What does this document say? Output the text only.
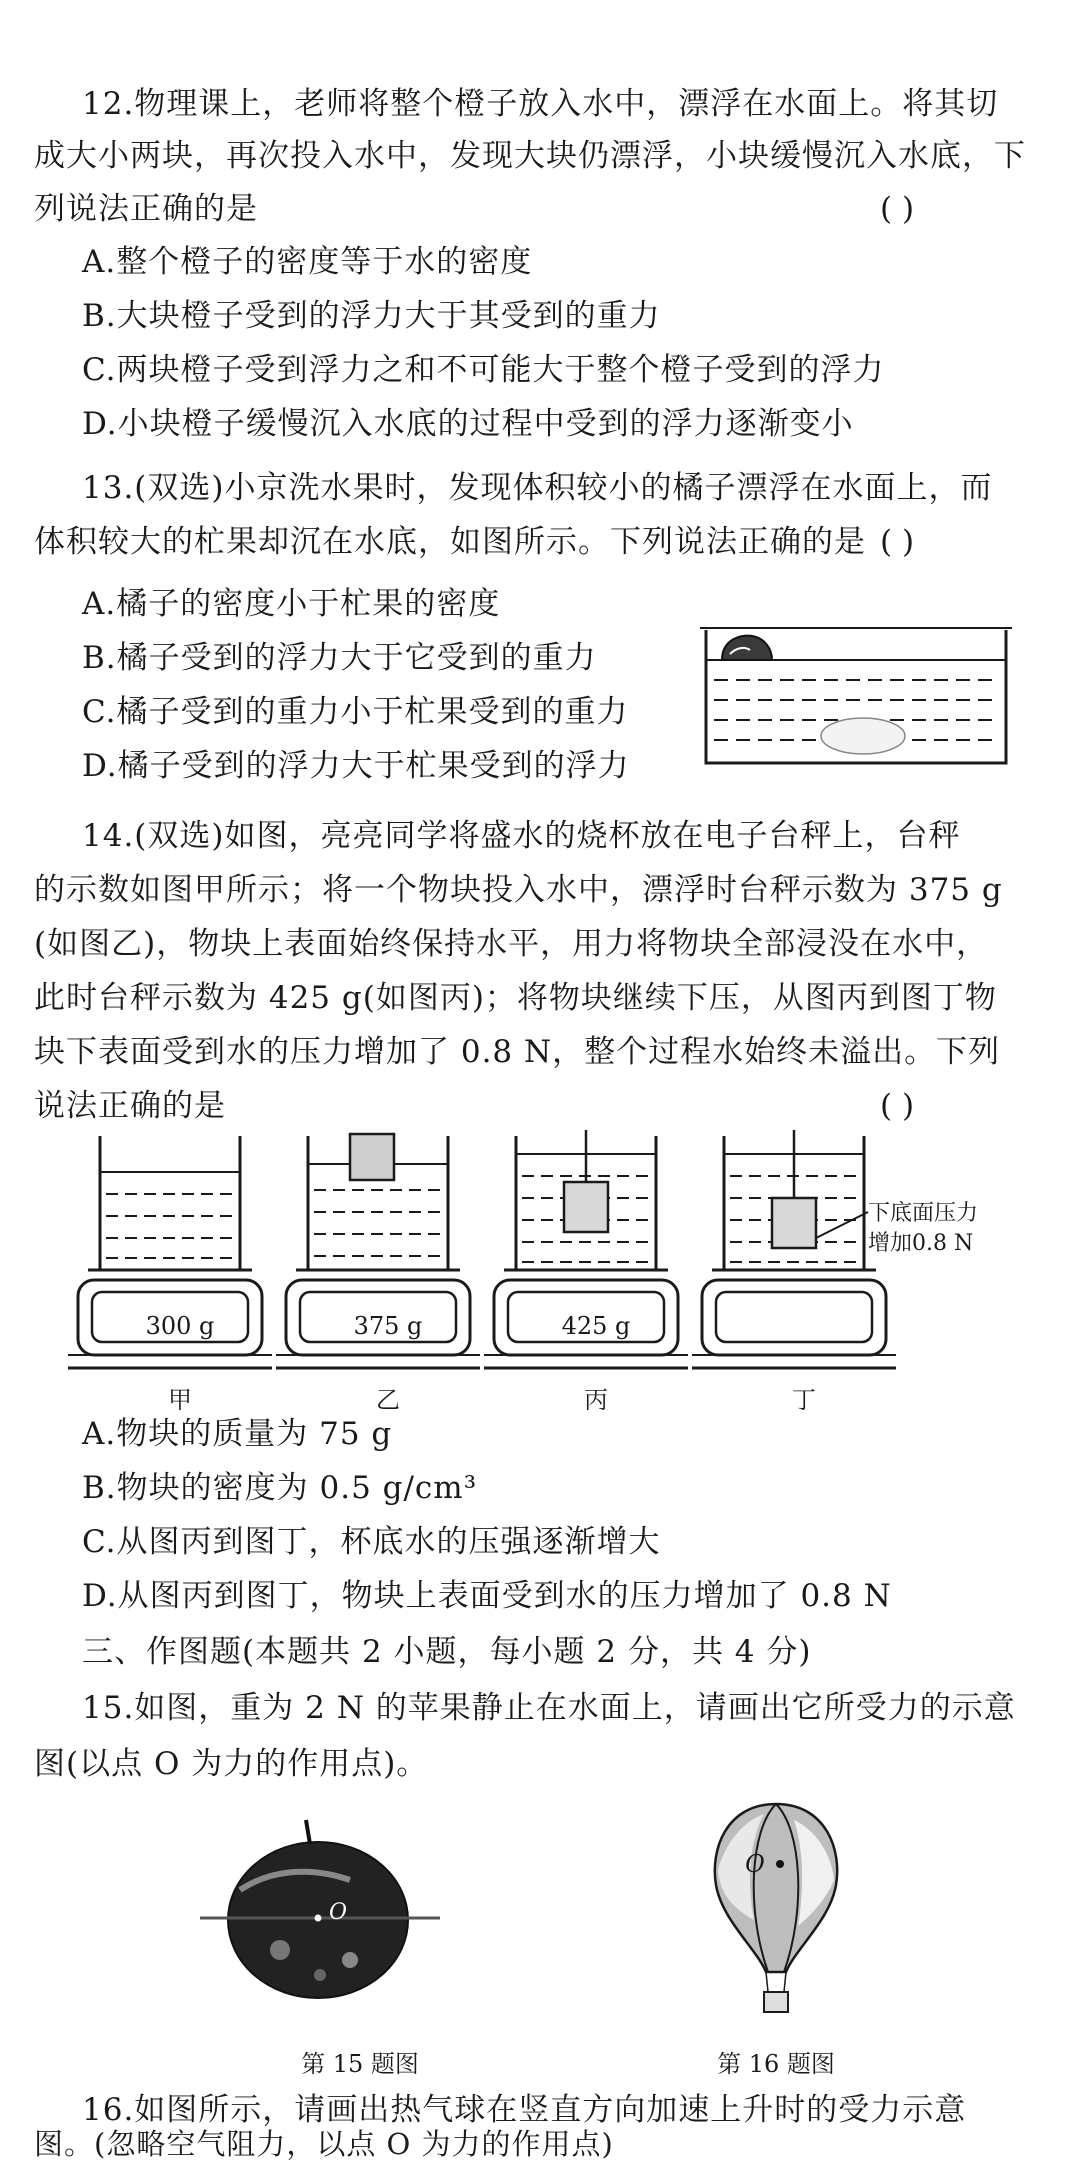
12.物理课上，老师将整个橙子放入水中，漂浮在水面上。将其切
成大小两块，再次投入水中，发现大块仍漂浮，小块缓慢沉入水底，下
列说法正确的是	( )
A.整个橙子的密度等于水的密度
B.大块橙子受到的浮力大于其受到的重力
C.两块橙子受到浮力之和不可能大于整个橙子受到的浮力
D.小块橙子缓慢沉入水底的过程中受到的浮力逐渐变小
13.(双选)小京洗水果时，发现体积较小的橘子漂浮在水面上，而
体积较大的杧果却沉在水底，如图所示。下列说法正确的是 ( )
A.橘子的密度小于杧果的密度
B.橘子受到的浮力大于它受到的重力
C.橘子受到的重力小于杧果受到的重力
D.橘子受到的浮力大于杧果受到的浮力
14.(双选)如图，亮亮同学将盛水的烧杯放在电子台秤上，台秤
的示数如图甲所示；将一个物块投入水中，漂浮时台秤示数为 375 g
(如图乙)，物块上表面始终保持水平，用力将物块全部浸没在水中，
此时台秤示数为 425 g(如图丙)；将物块继续下压，从图丙到图丁物
块下表面受到水的压力增加了 0.8 N，整个过程水始终未溢出。下列
说法正确的是	( )
300 g	375 g	425 g
甲	乙	丙	丁
下底面压力
增加0.8 N
A.物块的质量为 75 g
B.物块的密度为 0.5 g/cm³
C.从图丙到图丁，杯底水的压强逐渐增大
D.从图丙到图丁，物块上表面受到水的压力增加了 0.8 N
三、作图题(本题共 2 小题，每小题 2 分，共 4 分)
15.如图，重为 2 N 的苹果静止在水面上，请画出它所受力的示意
图(以点 O 为力的作用点)。
O
O
第 15 题图	第 16 题图
16.如图所示，请画出热气球在竖直方向加速上升时的受力示意
图。(忽略空气阻力，以点 O 为力的作用点)
